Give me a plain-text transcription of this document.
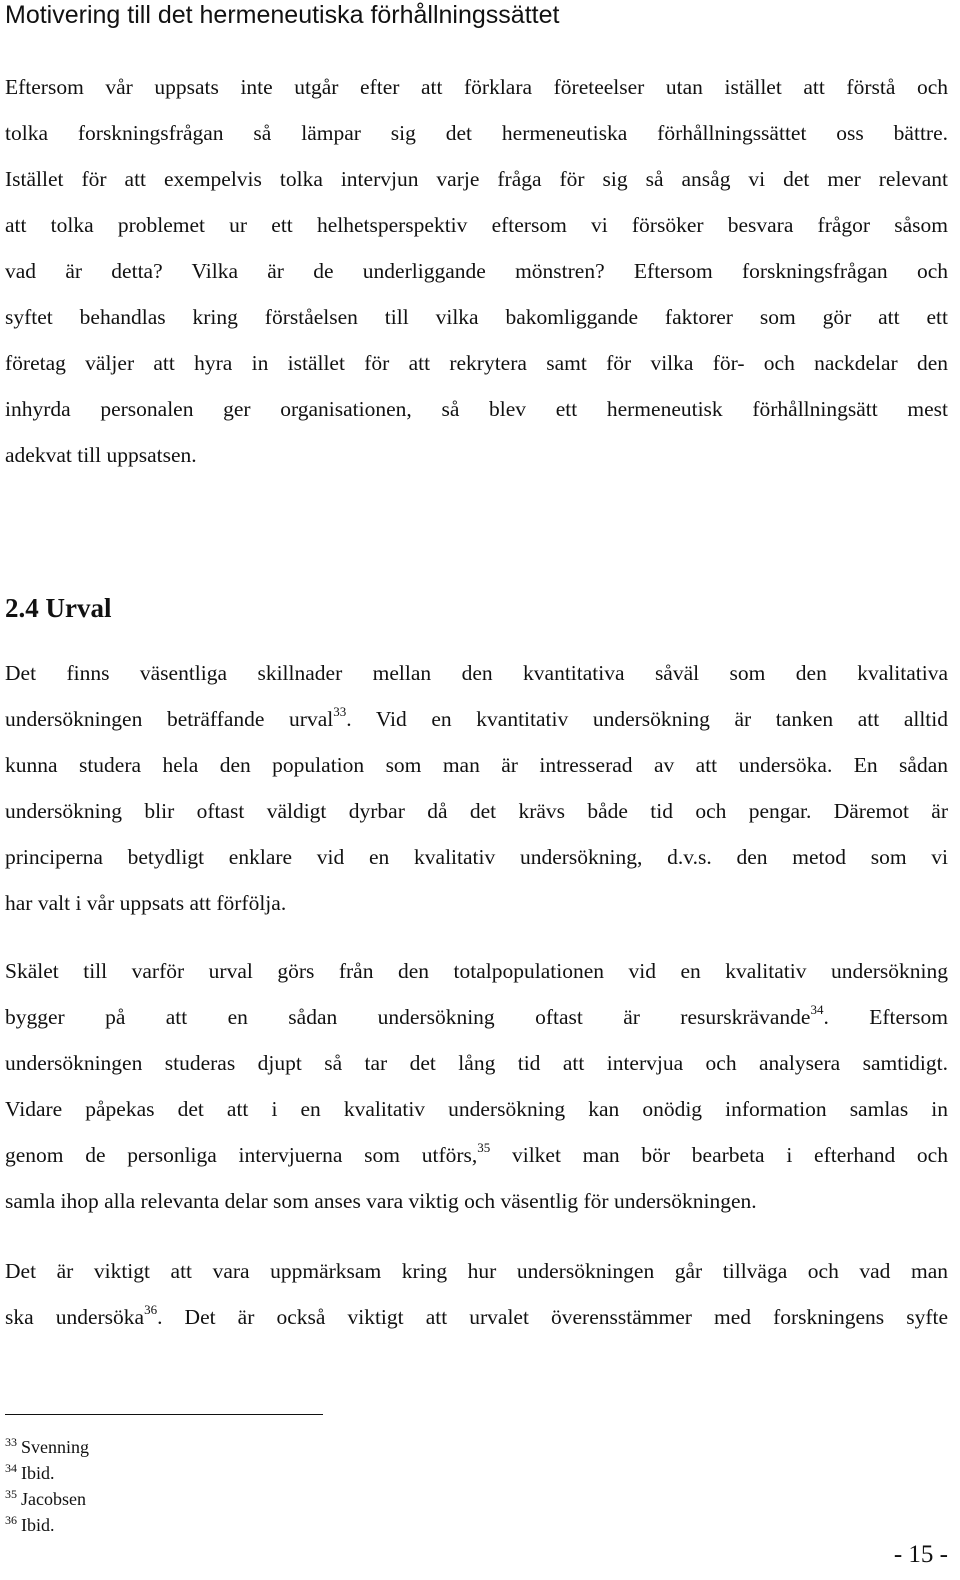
Motivering till det hermeneutiska förhållningssättet

Eftersom vår uppsats inte utgår efter att förklara företeelser utan istället att förstå och
tolka forskningsfrågan så lämpar sig det hermeneutiska förhållningssättet oss bättre.
Istället för att exempelvis tolka intervjun varje fråga för sig så ansåg vi det mer relevant
att tolka problemet ur ett helhetsperspektiv eftersom vi försöker besvara frågor såsom
vad är detta? Vilka är de underliggande mönstren? Eftersom forskningsfrågan och
syftet behandlas kring förståelsen till vilka bakomliggande faktorer som gör att ett
företag väljer att hyra in istället för att rekrytera samt för vilka för- och nackdelar den
inhyrda personalen ger organisationen, så blev ett hermeneutisk förhållningsätt mest
adekvat till uppsatsen.

2.4 Urval

Det finns väsentliga skillnader mellan den kvantitativa såväl som den kvalitativa
undersökningen beträffande urval$^{33}$. Vid en kvantitativ undersökning är tanken att alltid
kunna studera hela den population som man är intresserad av att undersöka. En sådan
undersökning blir oftast väldigt dyrbar då det krävs både tid och pengar. Däremot är
principerna betydligt enklare vid en kvalitativ undersökning, d.v.s. den metod som vi
har valt i vår uppsats att förfölja.

Skälet till varför urval görs från den totalpopulationen vid en kvalitativ undersökning
bygger på att en sådan undersökning oftast är resurskrävande$^{34}$. Eftersom
undersökningen studeras djupt så tar det lång tid att intervjua och analysera samtidigt.
Vidare påpekas det att i en kvalitativ undersökning kan onödig information samlas in
genom de personliga intervjuerna som utförs,$^{35}$ vilket man bör bearbeta i efterhand och
samla ihop alla relevanta delar som anses vara viktig och väsentlig för undersökningen.

Det är viktigt att vara uppmärksam kring hur undersökningen går tillväga och vad man
ska undersöka$^{36}$. Det är också viktigt att urvalet överensstämmer med forskningens syfte

$^{33}$ Svenning
$^{34}$ Ibid.
$^{35}$ Jacobsen
$^{36}$ Ibid.
- 15 -
